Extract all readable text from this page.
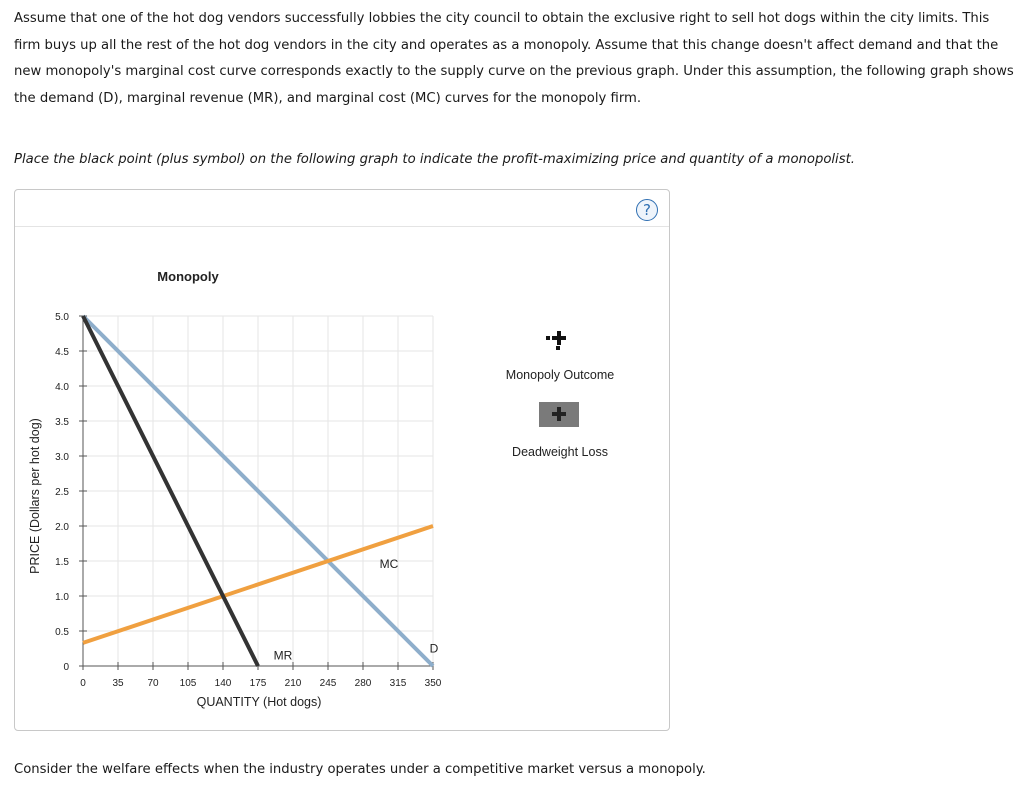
Assume that one of the hot dog vendors successfully lobbies the city council to obtain the exclusive right to sell hot dogs within the city limits. This firm buys up all the rest of the hot dog vendors in the city and operates as a monopoly. Assume that this change doesn't affect demand and that the new monopoly's marginal cost curve corresponds exactly to the supply curve on the previous graph. Under this assumption, the following graph shows the demand (D), marginal revenue (MR), and marginal cost (MC) curves for the monopoly firm.

Place the black point (plus symbol) on the following graph to indicate the profit-maximizing price and quantity of a monopolist.

?
0
0.5
1.0
1.5
2.0
2.5
3.0
3.5
4.0
4.5
5.0
0	35 70 105 140 175 210 245 280 315 350
Monopoly
QUANTITY (Hot dogs)
PRICE (Dollars per hot dog)
D
MR
MC
Monopoly Outcome
Deadweight Loss

Consider the welfare effects when the industry operates under a competitive market versus a monopoly.
